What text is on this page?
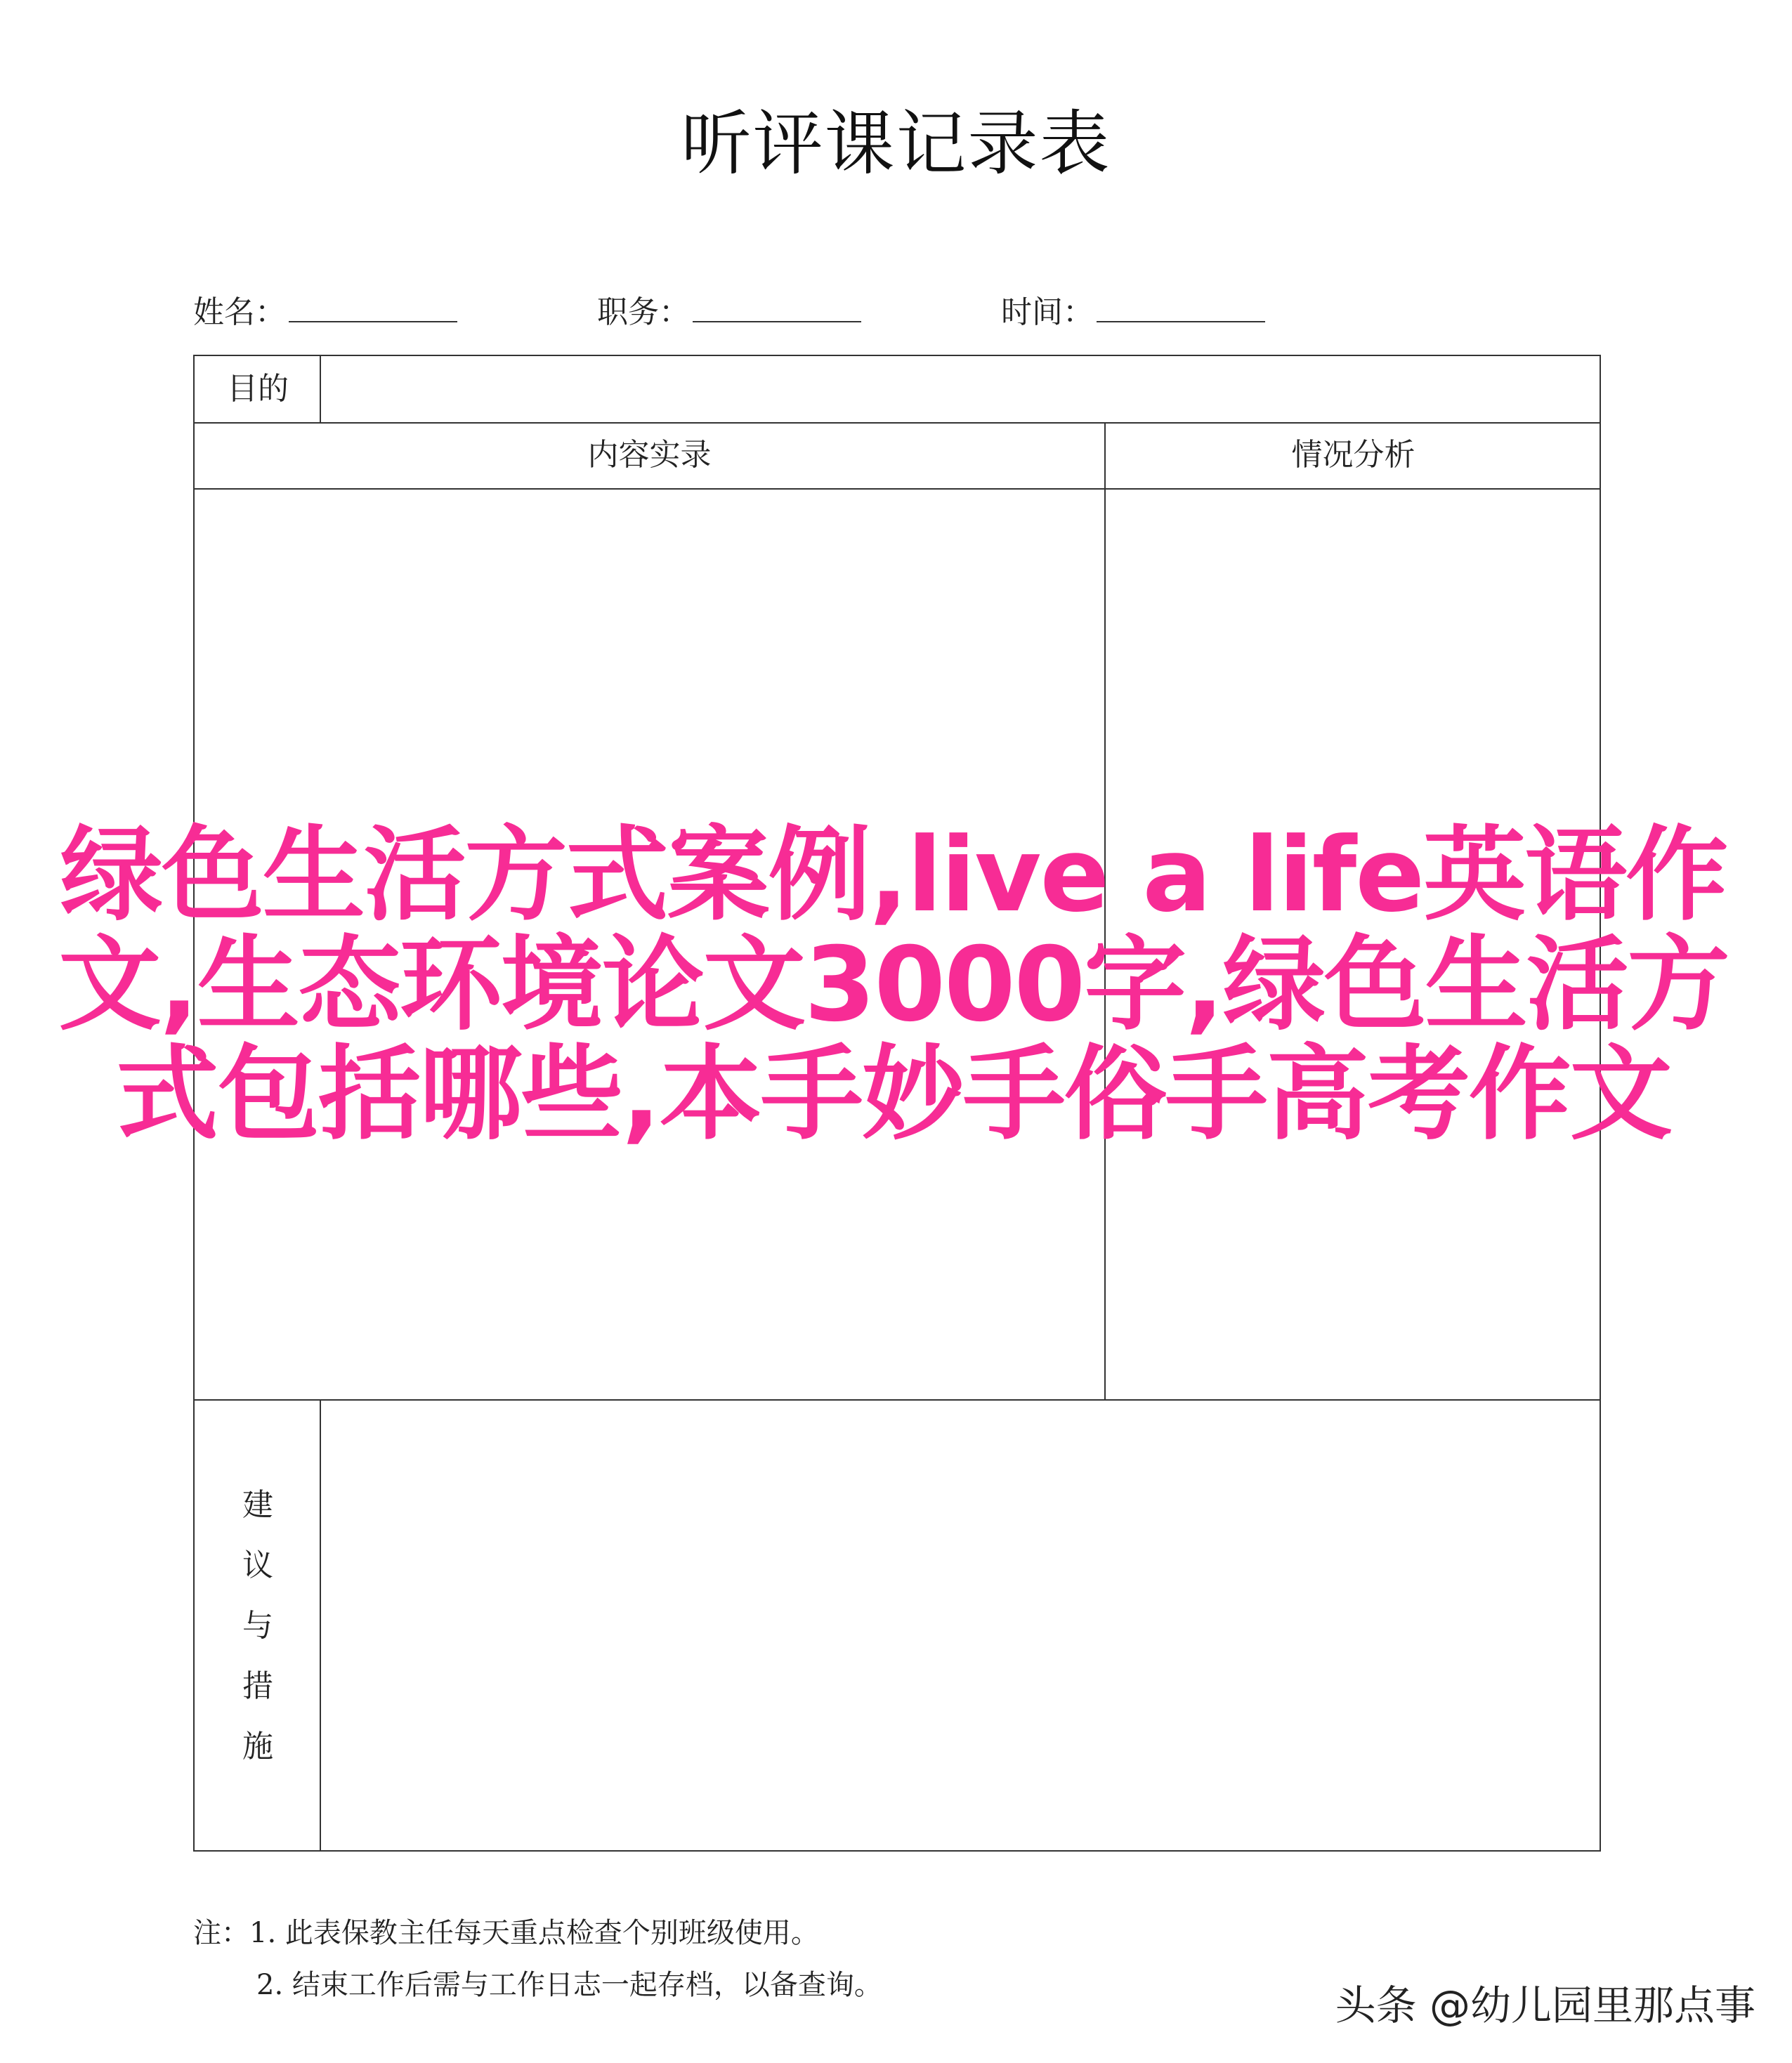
听评课记录表
姓名：	职务：	时间：
目的
内容实录	情况分析
建议与措施
注：1. 此表保教主任每天重点检查个别班级使用。
2. 结束工作后需与工作日志一起存档，以备查询。
绿色生活方式案例,live a life英语作文,生态环境论文3000字,绿色生活方式包括哪些,本手妙手俗手高考作文
头条 @幼儿园里那点事
